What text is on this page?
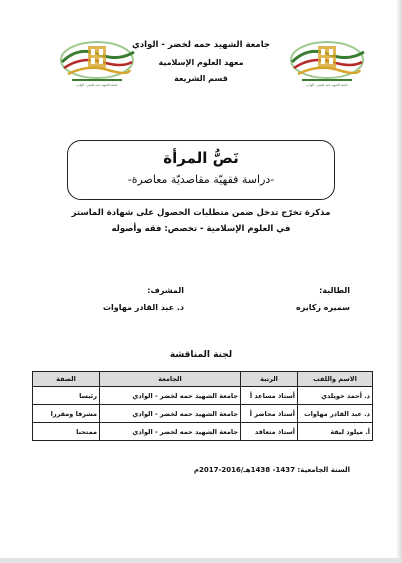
جامعة الشهيد حمه لخضر - الوادي	جامعة الشهيد حمه لخضر - الوادي
جامعة الشهيد حمه لخضر - الوادي
معهد العلوم الإسلامية
قسم الشريعة
نَصُّ المرأة
-دراسة فقهيّة مقاصديّة معاصرة-
مذكرة تخرّج تدخل ضمن متطلبات الحصول على شهادة الماستر
في العلوم الإسلامية - تخصص: فقه وأصوله
الطالبة:
المشرف:
سميره زكايره
د. عبد القادر مهاوات
لجنة المناقشة
الاسم واللقب	الرتبة	الجامعة	الصفة
د. أحمد خويلدي	أستاذ مساعد أ	جامعة الشهيد حمه لخضر - الوادي	رئيسا
د. عبد القادر مهاوات	أستاذ محاضر أ	جامعة الشهيد حمه لخضر - الوادي	مشرفا ومقررا
أ. ميلود ليقة	أستاذ متعاقد	جامعة الشهيد حمه لخضر - الوادي	ممتحنا
السنة الجامعية: 1437- 1438هـ/2016-2017م
